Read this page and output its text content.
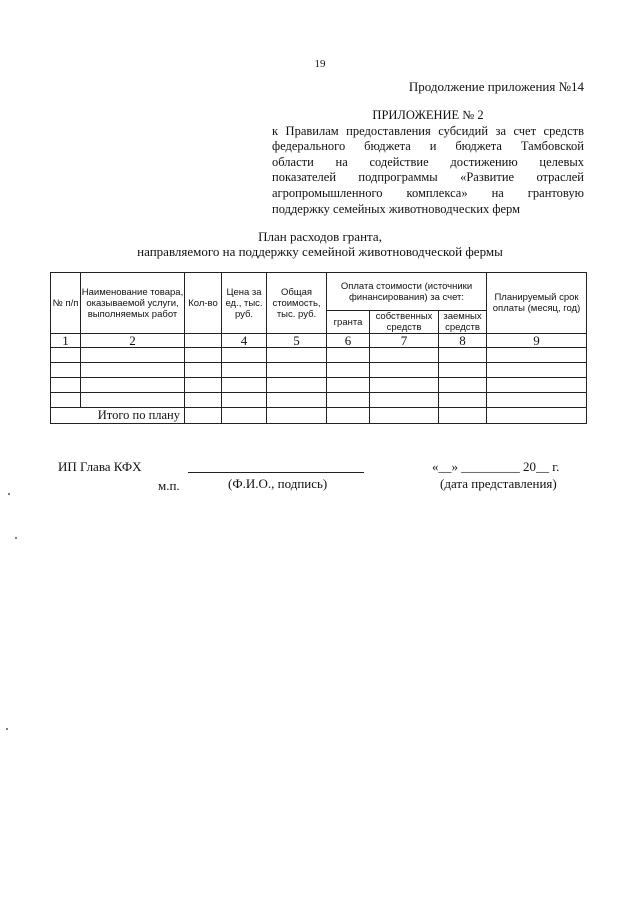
19
Продолжение приложения №14
ПРИЛОЖЕНИЕ № 2
к Правилам предоставления субсидий за счет средств
федерального бюджета и бюджета Тамбовской
области на содействие достижению целевых
показателей подпрограммы «Развитие отраслей
агропромышленного комплекса» на грантовую
поддержку семейных животноводческих ферм
План расходов гранта,
направляемого на поддержку семейной животноводческой фермы
№ п/п	Наименование товара, оказываемой услуги, выполняемых работ	Кол-во	Цена за ед., тыс. руб.	Общая стоимость, тыс. руб.	Оплата стоимости (источники финансирования) за счет:			Планируемый срок оплаты (месяц, год)
					гранта	собственных средств	заемных средств	
1	2		4	5	6	7	8	9

Итого по плану								
ИП Глава КФХ
м.п.	(Ф.И.О., подпись)
«__» _________ 20__ г.
(дата представления)
